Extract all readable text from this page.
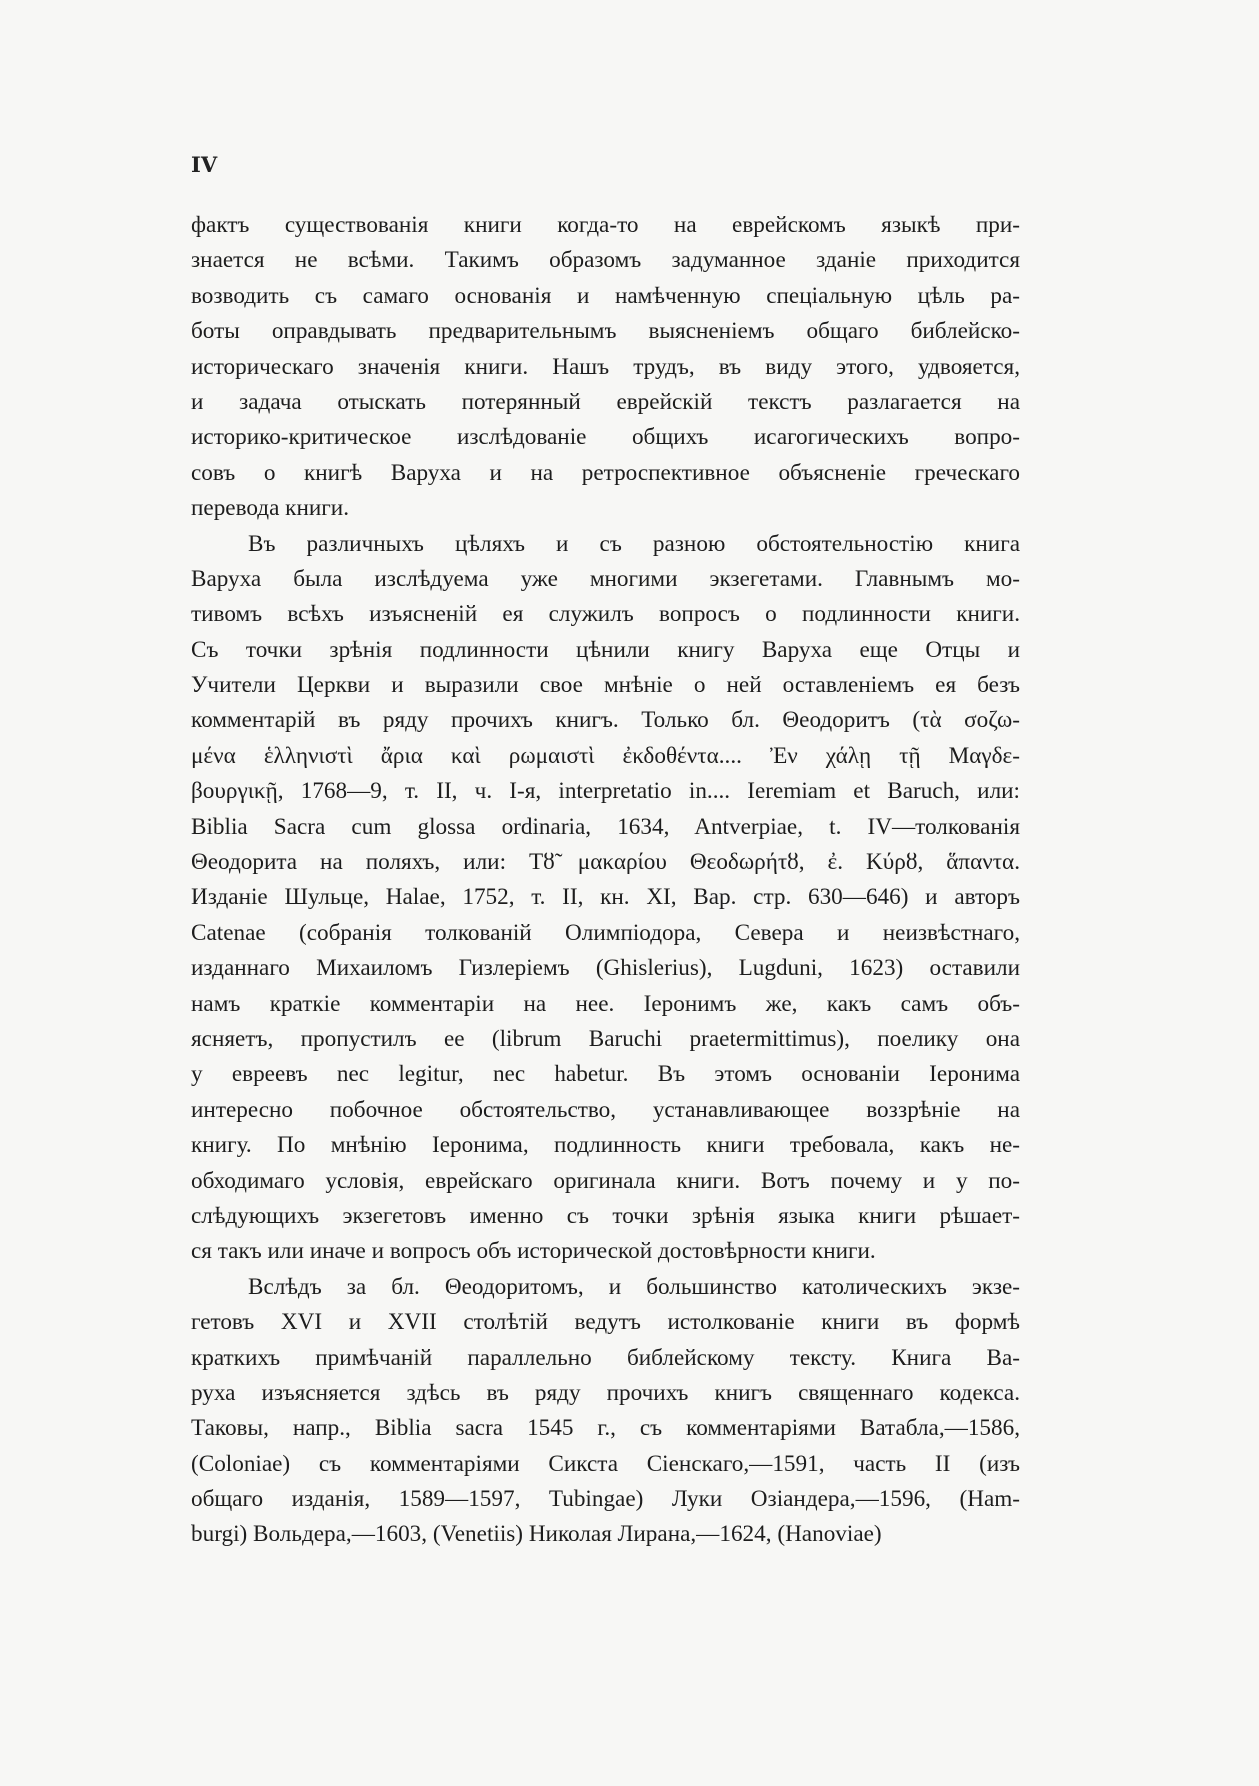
IV
фактъ существованія книги когда-то на еврейскомъ языкѣ при-
знается не всѣми. Такимъ образомъ задуманное зданіе приходится
возводить съ самаго основанія и намѣченную спеціальную цѣль ра-
боты оправдывать предварительнымъ выясненіемъ общаго библейско-
историческаго значенія книги. Нашъ трудъ, въ виду этого, удвояется,
и задача отыскать потерянный еврейскій текстъ разлагается на
историко-критическое изслѣдованіе общихъ исагогическихъ вопро-
совъ о книгѣ Варуха и на ретроспективное объясненіе греческаго
перевода книги.
Въ различныхъ цѣляхъ и съ разною обстоятельностію книга
Варуха была изслѣдуема уже многими экзегетами. Главнымъ мо-
тивомъ всѣхъ изъясненій ея служилъ вопросъ о подлинности книги.
Съ точки зрѣнія подлинности цѣнили книгу Варуха еще Отцы и
Учители Церкви и выразили свое мнѣніе о ней оставленіемъ ея безъ
комментарій въ ряду прочихъ книгъ. Только бл. Θеодоритъ (τὰ σοζω-
μένα ἑλληνιστὶ ἄρια καὶ ρωμαιστὶ ἐκδοθέντα.... Ἐν χάλῃ τῇ Μαγδε-
βουργικῇ, 1768—9, т. II, ч. I-я, interpretatio in.... Ieremiam et Baruch, или:
Biblia Sacra cum glossa ordinaria, 1634, Antverpiae, t. IV—толкованія
Θеодорита на поляхъ, или: Τȣ̃ μακαρίου Θεοδωρήτȣ, ἐ. Κύρȣ, ἅπαντα.
Изданіе Шульце, Halae, 1752, т. II, кн. XI, Bap. стр. 630—646) и авторъ
Catenae (собранія толкованій Олимпіодора, Севера и неизвѣстнаго,
изданнаго Михаиломъ Гизлеріемъ (Ghislerius), Lugduni, 1623) оставили
намъ краткіе комментаріи на нее. Іеронимъ же, какъ самъ объ-
ясняетъ, пропустилъ ее (librum Baruchi praetermittimus), поелику она
у евреевъ nec legitur, nec habetur. Въ этомъ основаніи Іеронима
интересно побочное обстоятельство, устанавливающее воззрѣніе на
книгу. По мнѣнію Іеронима, подлинность книги требовала, какъ не-
обходимаго условія, еврейскаго оригинала книги. Вотъ почему и у по-
слѣдующихъ экзегетовъ именно съ точки зрѣнія языка книги рѣшает-
ся такъ или иначе и вопросъ объ исторической достовѣрности книги.
Вслѣдъ за бл. Θеодоритомъ, и большинство католическихъ экзе-
гетовъ XVI и XVII столѣтій ведутъ истолкованіе книги въ формѣ
краткихъ примѣчаній параллельно библейскому тексту. Книга Ва-
руха изъясняется здѣсь въ ряду прочихъ книгъ священнаго кодекса.
Таковы, напр., Biblia sacra 1545 г., съ комментаріями Ватабла,—1586,
(Coloniae) съ комментаріями Сикста Сіенскаго,—1591, часть II (изъ
общаго изданія, 1589—1597, Tubingae) Луки Озіандера,—1596, (Ham-
burgi) Вольдера,—1603, (Venetiis) Николая Лирана,—1624, (Hanoviae)
